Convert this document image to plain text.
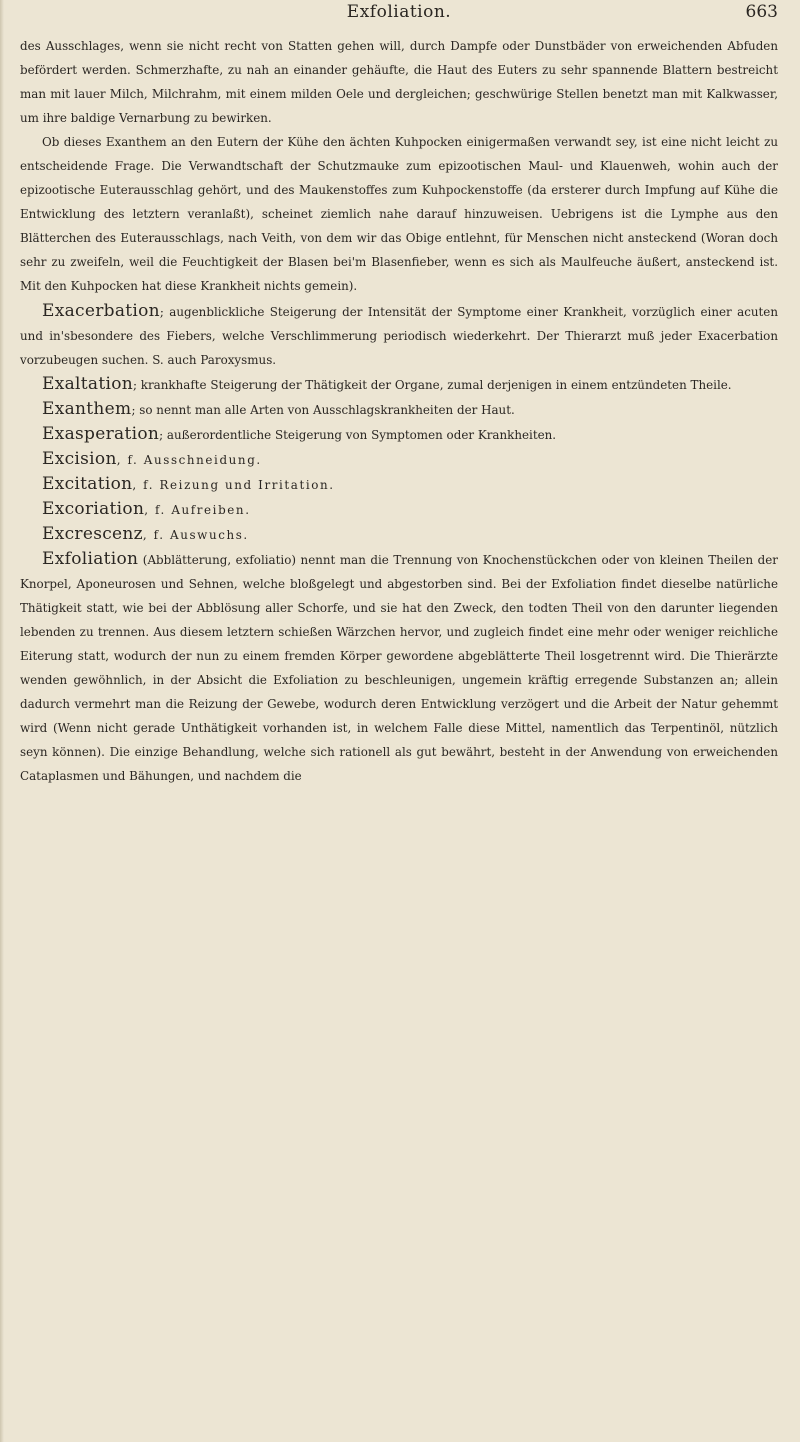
Exfoliation.	663

des Ausschlages, wenn sie nicht recht von Statten gehen will, durch Dampfe oder Dunstbäder von erweichenden Abfuden befördert werden. Schmerzhafte, zu nah an einander gehäufte, die Haut des Euters zu sehr spannende Blattern bestreicht man mit lauer Milch, Milchrahm, mit einem milden Oele und dergleichen; geschwürige Stellen benetzt man mit Kalkwasser, um ihre baldige Vernarbung zu bewirken.

Ob dieses Exanthem an den Eutern der Kühe den ächten Kuhpocken einigermaßen verwandt sey, ist eine nicht leicht zu entscheidende Frage. Die Verwandtschaft der Schutzmauke zum epizootischen Maul- und Klauenweh, wohin auch der epizootische Euterausschlag gehört, und des Maukenstoffes zum Kuhpockenstoffe (da ersterer durch Impfung auf Kühe die Entwicklung des letztern veranlaßt), scheinet ziemlich nahe darauf hinzuweisen. Uebrigens ist die Lymphe aus den Blätterchen des Euterausschlags, nach Veith, von dem wir das Obige entlehnt, für Menschen nicht ansteckend (Woran doch sehr zu zweifeln, weil die Feuchtigkeit der Blasen bei'm Blasenfieber, wenn es sich als Maulfeuche äußert, ansteckend ist. Mit den Kuhpocken hat diese Krankheit nichts gemein).

Exacerbation; augenblickliche Steigerung der Intensität der Symptome einer Krankheit, vorzüglich einer acuten und in'sbesondere des Fiebers, welche Verschlimmerung periodisch wiederkehrt. Der Thierarzt muß jeder Exacerbation vorzubeugen suchen. S. auch Paroxysmus.

Exaltation; krankhafte Steigerung der Thätigkeit der Organe, zumal derjenigen in einem entzündeten Theile.

Exanthem; so nennt man alle Arten von Ausschlagskrankheiten der Haut.

Exasperation; außerordentliche Steigerung von Symptomen oder Krankheiten.

Excision, f. Ausschneidung.

Excitation, f. Reizung und Irritation.

Excoriation, f. Aufreiben.

Excrescenz, f. Auswuchs.

Exfoliation (Abblätterung, exfoliatio) nennt man die Trennung von Knochenstückchen oder von kleinen Theilen der Knorpel, Aponeurosen und Sehnen, welche bloßgelegt und abgestorben sind. Bei der Exfoliation findet dieselbe natürliche Thätigkeit statt, wie bei der Abblösung aller Schorfe, und sie hat den Zweck, den todten Theil von den darunter liegenden lebenden zu trennen. Aus diesem letztern schießen Wärzchen hervor, und zugleich findet eine mehr oder weniger reichliche Eiterung statt, wodurch der nun zu einem fremden Körper gewordene abgeblätterte Theil losgetrennt wird. Die Thierärzte wenden gewöhnlich, in der Absicht die Exfoliation zu beschleunigen, ungemein kräftig erregende Substanzen an; allein dadurch vermehrt man die Reizung der Gewebe, wodurch deren Entwicklung verzögert und die Arbeit der Natur gehemmt wird (Wenn nicht gerade Unthätigkeit vorhanden ist, in welchem Falle diese Mittel, namentlich das Terpentinöl, nützlich seyn können). Die einzige Behandlung, welche sich rationell als gut bewährt, besteht in der Anwendung von erweichenden Cataplasmen und Bähungen, und nachdem die
